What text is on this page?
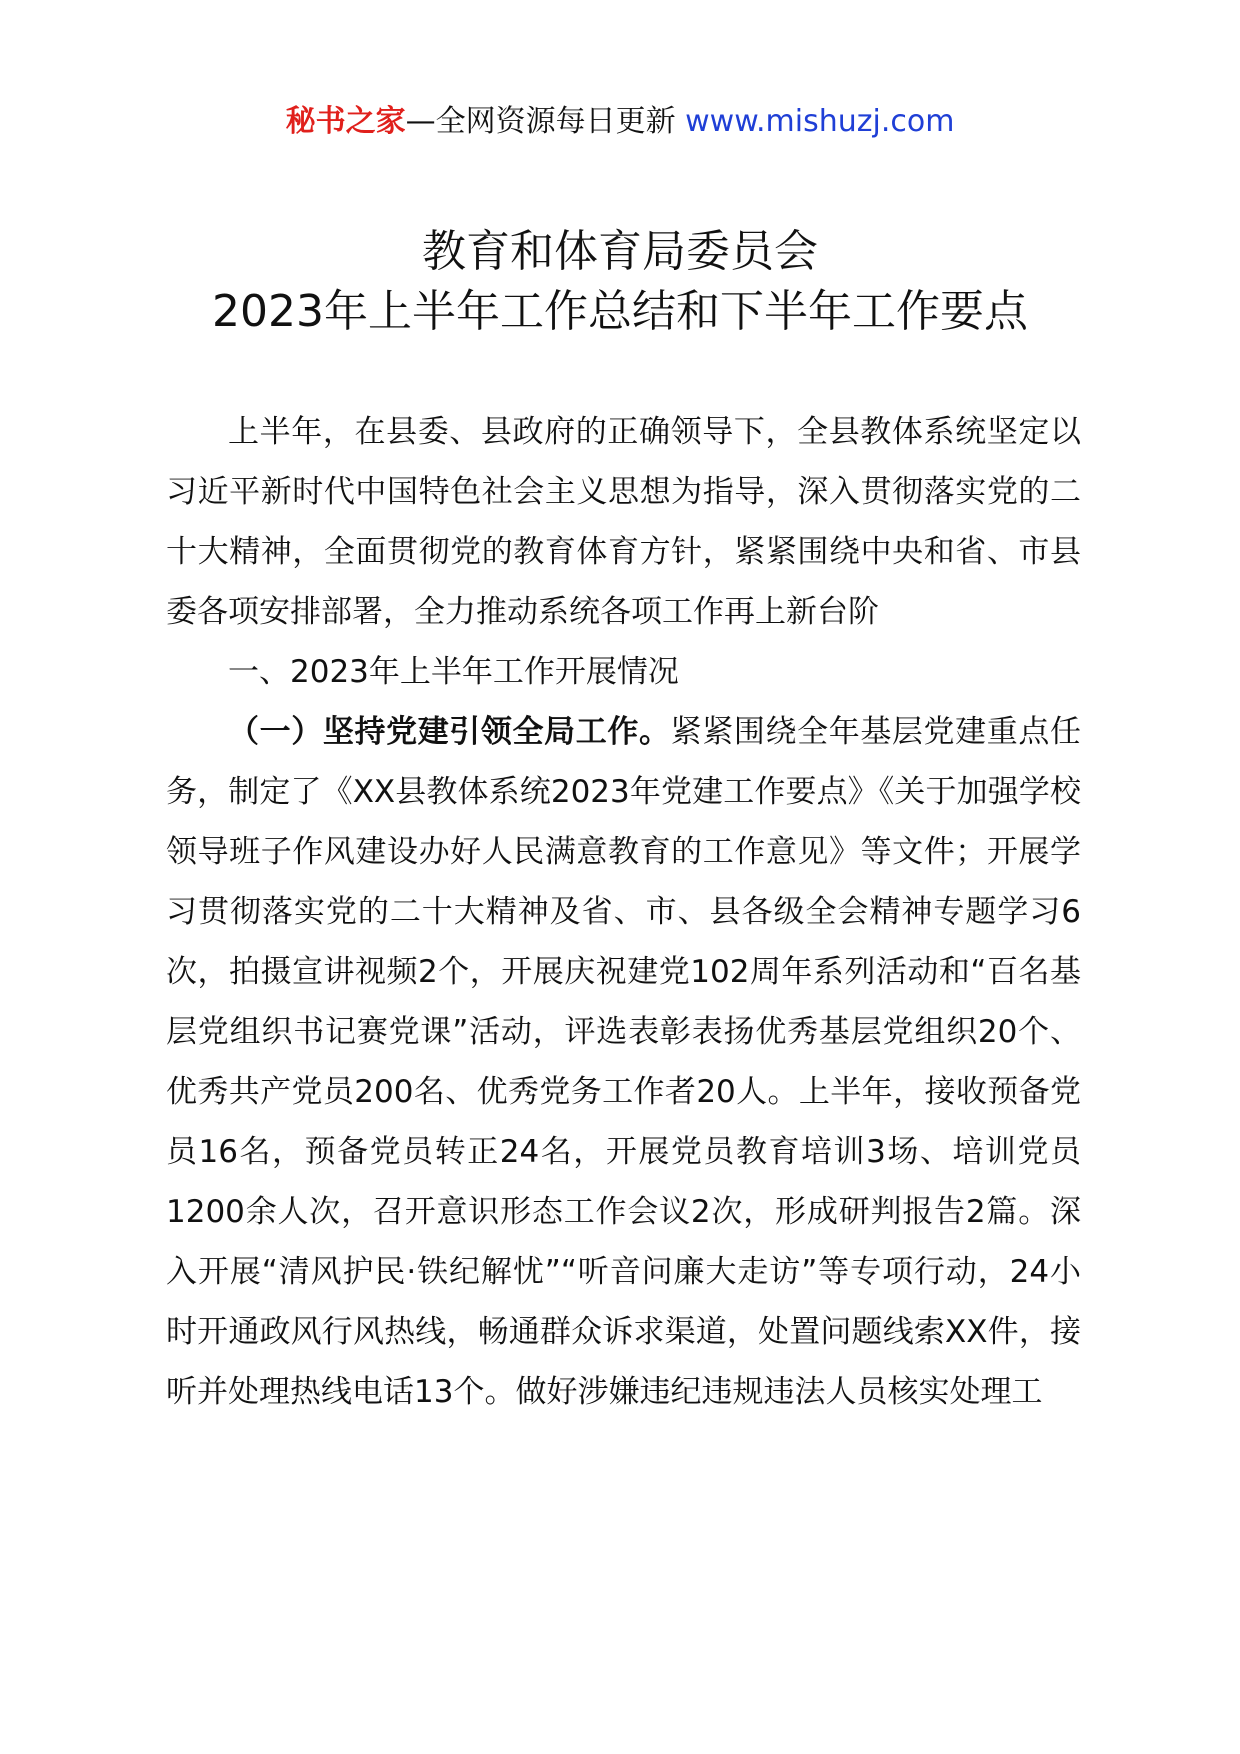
秘书之家—全网资源每日更新 www.mishuzj.com
教育和体育局委员会
2023年上半年工作总结和下半年工作要点

上半年，在县委、县政府的正确领导下，全县教体系统坚定以习近平新时代中国特色社会主义思想为指导，深入贯彻落实党的二十大精神，全面贯彻党的教育体育方针，紧紧围绕中央和省、市县委各项安排部署，全力推动系统各项工作再上新台阶

一、2023年上半年工作开展情况

（一）坚持党建引领全局工作。紧紧围绕全年基层党建重点任务，制定了《XX县教体系统2023年党建工作要点》《关于加强学校领导班子作风建设办好人民满意教育的工作意见》等文件；开展学习贯彻落实党的二十大精神及省、市、县各级全会精神专题学习6次，拍摄宣讲视频2个，开展庆祝建党102周年系列活动和“百名基层党组织书记赛党课”活动，评选表彰表扬优秀基层党组织20个、优秀共产党员200名、优秀党务工作者20人。上半年，接收预备党员16名，预备党员转正24名，开展党员教育培训3场、培训党员1200余人次，召开意识形态工作会议2次，形成研判报告2篇。深入开展“清风护民·铁纪解忧”“听音问廉大走访”等专项行动，24小时开通政风行风热线，畅通群众诉求渠道，处置问题线索XX件，接听并处理热线电话13个。做好涉嫌违纪违规违法人员核实处理工
